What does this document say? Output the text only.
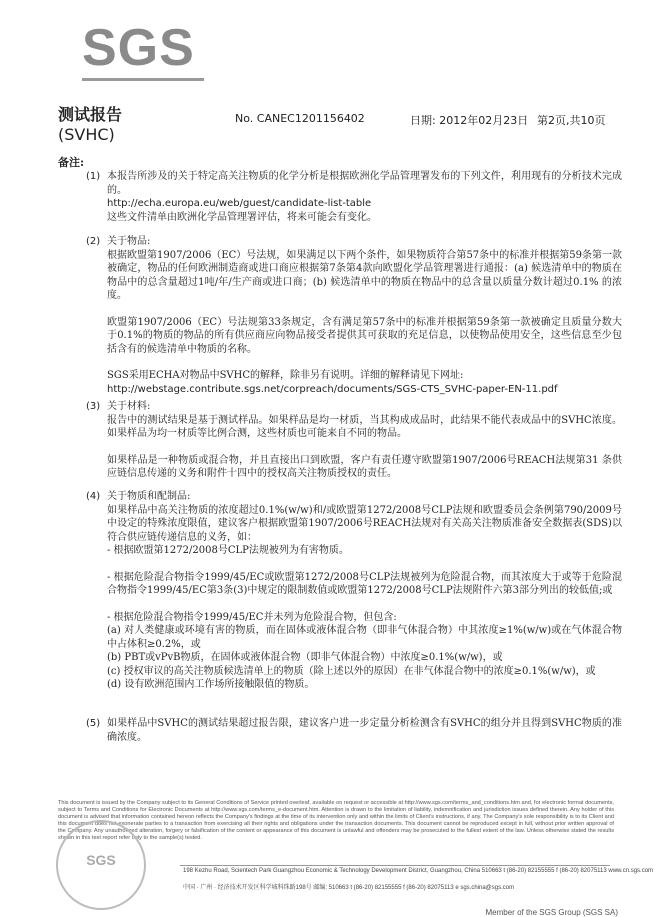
SGS
测试报告
(SVHC)
No. CANEC1201156402	日期: 2012年02月23日 第2页,共10页
备注:
(1) 本报告所涉及的关于特定高关注物质的化学分析是根据欧洲化学品管理署发布的下列文件，利用现有的分析技术完成的。

http://echa.europa.eu/web/guest/candidate-list-table

这些文件清单由欧洲化学品管理署评估，将来可能会有变化。

(2) 关于物品:

根据欧盟第1907/2006（EC）号法规，如果满足以下两个条件，如果物质符合第57条中的标准并根据第59条第一款被确定，物品的任何欧洲制造商或进口商应根据第7条第4款向欧盟化学品管理署进行通报：(a) 候选清单中的物质在物品中的总含量超过1吨/年/生产商或进口商；(b) 候选清单中的物质在物品中的总含量以质量分数计超过0.1% 的浓度。

欧盟第1907/2006（EC）号法规第33条规定，含有满足第57条中的标准并根据第59条第一款被确定且质量分数大于0.1%的物质的物品的所有供应商应向物品接受者提供其可获取的充足信息，以使物品使用安全，这些信息至少包括含有的候选清单中物质的名称。

SGS采用ECHA对物品中SVHC的解释，除非另有说明。详细的解释请见下网址:

http://webstage.contribute.sgs.net/corpreach/documents/SGS-CTS_SVHC-paper-EN-11.pdf

(3) 关于材料:

报告中的测试结果是基于测试样品。如果样品是均一材质，当其构成成品时，此结果不能代表成品中的SVHC浓度。如果样品为均一材质等比例合测，这些材质也可能来自不同的物品。

如果样品是一种物质或混合物，并且直接出口到欧盟，客户有责任遵守欧盟第1907/2006号REACH法规第31 条供应链信息传递的义务和附件十四中的授权高关注物质授权的责任。

(4) 关于物质和配制品:

如果样品中高关注物质的浓度超过0.1%(w/w)和/或欧盟第1272/2008号CLP法规和欧盟委员会条例第790/2009号中设定的特殊浓度限值，建议客户根据欧盟第1907/2006号REACH法规对有关高关注物质准备安全数据表(SDS)以符合供应链传递信息的义务，如：

- 根据欧盟第1272/2008号CLP法规被列为有害物质。

- 根据危险混合物指令1999/45/EC或欧盟第1272/2008号CLP法规被列为危险混合物，而其浓度大于或等于危险混合物指令1999/45/EC第3条(3)中规定的限制数值或欧盟第1272/2008号CLP法规附件六第3部分列出的较低值;或

- 根据危险混合物指令1999/45/EC并未列为危险混合物，但包含:

(a) 对人类健康或环境有害的物质，而在固体或液体混合物（即非气体混合物）中其浓度≥1%(w/w)或在气体混合物中占体积≥0.2%，或

(b) PBT或vPvB物质，在固体或液体混合物（即非气体混合物）中浓度≥0.1%(w/w)，或

(c) 授权审议的高关注物质候选清单上的物质（除上述以外的原因）在非气体混合物中的浓度≥0.1%(w/w)，或

(d) 设有欧洲范围内工作场所接触限值的物质。

(5) 如果样品中SVHC的测试结果超过报告限，建议客户进一步定量分析检测含有SVHC的组分并且得到SVHC物质的准确浓度。

This document is issued by the Company subject to its General Conditions of Service printed overleaf, available on request or accessible at http://www.sgs.com/terms_and_conditions.htm and, for electronic format documents, subject to Terms and Conditions for Electronic Documents at http://www.sgs.com/terms_e-document.htm. Attention is drawn to the limitation of liability, indemnification and jurisdiction issues defined therein. Any holder of this document is advised that information contained hereon reflects the Company's findings at the time of its intervention only and within the limits of Client's instructions, if any. The Company's sole responsibility is to its Client and this document does not exonerate parties to a transaction from exercising all their rights and obligations under the transaction documents. This document cannot be reproduced except in full, without prior written approval of the Company. Any unauthorized alteration, forgery or falsification of the content or appearance of this document is unlawful and offenders may be prosecuted to the fullest extent of the law. Unless otherwise stated the results shown in this test report refer only to the sample(s) tested.
SGS
198 Kezhu Road, Scientech Park Guangzhou Economic & Technology Development District, Guangzhou, China 510663 t (86-20) 82155555 f (86-20) 82075113 www.cn.sgs.com
中国 · 广州 · 经济技术开发区科学城科珠路198号 邮编: 510663 t (86-20) 82155555 f (86-20) 82075113 e sgs.china@sgs.com
Member of the SGS Group (SGS SA)
